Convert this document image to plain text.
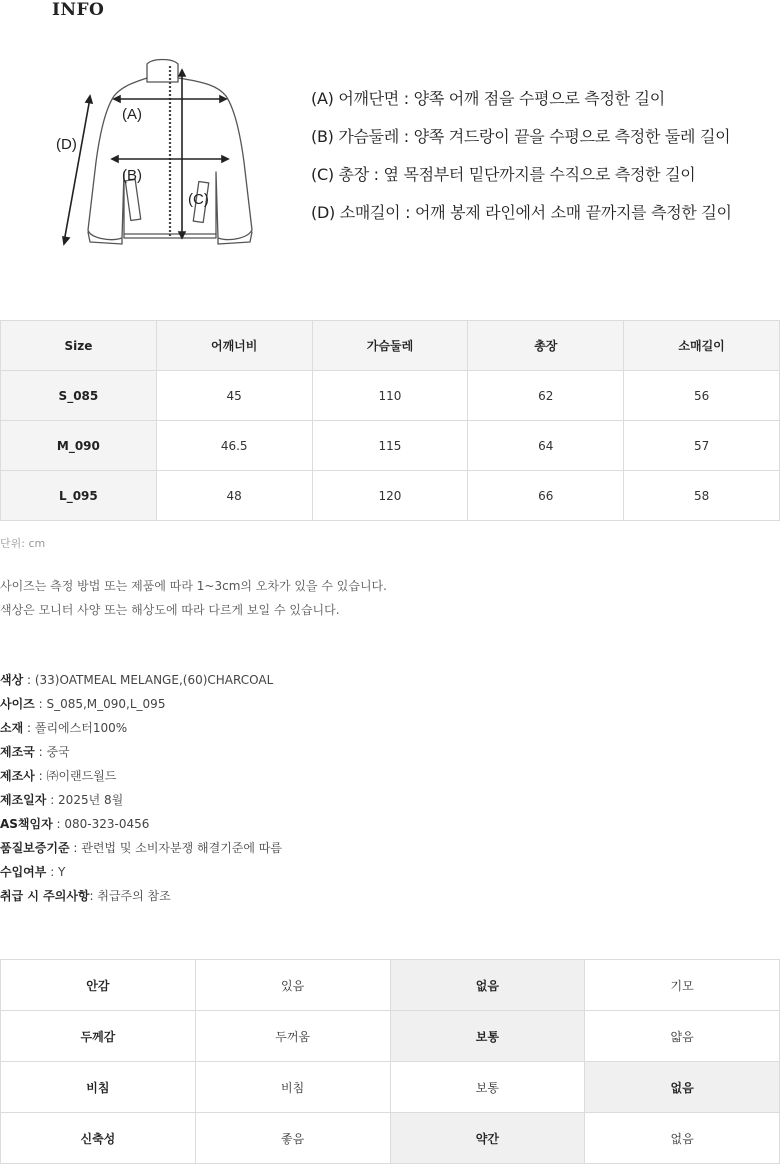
INFO
(A)
(B)
(C)
(D)
(A) 어깨단면 : 양쪽 어깨 점을 수평으로 측정한 길이
(B) 가슴둘레 : 양쪽 겨드랑이 끝을 수평으로 측정한 둘레 길이
(C) 총장 : 옆 목점부터 밑단까지를 수직으로 측정한 길이
(D) 소매길이 : 어깨 봉제 라인에서 소매 끝까지를 측정한 길이
Size	어깨너비	가슴둘레	총장	소매길이
S_085	45	110	62	56
M_090	46.5	115	64	57
L_095	48	120	66	58
단위: cm
사이즈는 측정 방법 또는 제품에 따라 1~3cm의 오차가 있을 수 있습니다.
색상은 모니터 사양 또는 해상도에 따라 다르게 보일 수 있습니다.
색상 : (33)OATMEAL MELANGE,(60)CHARCOAL
사이즈 : S_085,M_090,L_095
소재 : 폴리에스터100%
제조국 : 중국
제조사 : ㈜이랜드월드
제조일자 : 2025년 8월
AS책임자 : 080-323-0456
품질보증기준 : 관련법 및 소비자분쟁 해결기준에 따름
수입여부 : Y
취급 시 주의사항: 취급주의 참조
안감	있음	없음	기모
두께감	두꺼움	보통	얇음
비침	비침	보통	없음
신축성	좋음	약간	없음
